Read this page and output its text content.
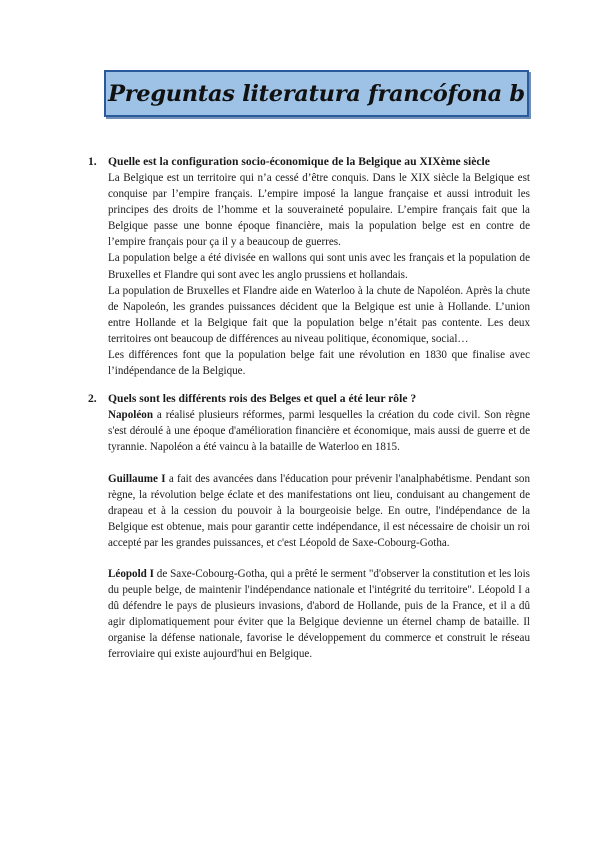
Preguntas literatura francófona b
1. Quelle est la configuration socio-économique de la Belgique au XIXème siècle

La Belgique est un territoire qui n’a cessé d’être conquis. Dans le XIX siècle la Belgique est conquise par l’empire français. L’empire imposé la langue française et aussi introduit les principes des droits de l’homme et la souveraineté populaire. L’empire français fait que la Belgique passe une bonne époque financière, mais la population belge est en contre de l’empire français pour ça il y a beaucoup de guerres.

La population belge a été divisée en wallons qui sont unis avec les français et la population de Bruxelles et Flandre qui sont avec les anglo prussiens et hollandais.

La population de Bruxelles et Flandre aide en Waterloo à la chute de Napoléon. Après la chute de Napoleón, les grandes puissances décident que la Belgique est unie à Hollande. L’union entre Hollande et la Belgique fait que la population belge n’était pas contente. Les deux territoires ont beaucoup de différences au niveau politique, économique, social…

Les différences font que la population belge fait une révolution en 1830 que finalise avec l’indépendance de la Belgique.

2. Quels sont les différents rois des Belges et quel a été leur rôle ?

Napoléon a réalisé plusieurs réformes, parmi lesquelles la création du code civil. Son règne s'est déroulé à une époque d'amélioration financière et économique, mais aussi de guerre et de tyrannie. Napoléon a été vaincu à la bataille de Waterloo en 1815.

Guillaume I a fait des avancées dans l'éducation pour prévenir l'analphabétisme. Pendant son règne, la révolution belge éclate et des manifestations ont lieu, conduisant au changement de drapeau et à la cession du pouvoir à la bourgeoisie belge. En outre, l'indépendance de la Belgique est obtenue, mais pour garantir cette indépendance, il est nécessaire de choisir un roi accepté par les grandes puissances, et c'est Léopold de Saxe-Cobourg-Gotha.

Léopold I de Saxe-Cobourg-Gotha, qui a prêté le serment "d'observer la constitution et les lois du peuple belge, de maintenir l'indépendance nationale et l'intégrité du territoire". Léopold I a dû défendre le pays de plusieurs invasions, d'abord de Hollande, puis de la France, et il a dû agir diplomatiquement pour éviter que la Belgique devienne un éternel champ de bataille. Il organise la défense nationale, favorise le développement du commerce et construit le réseau ferroviaire qui existe aujourd'hui en Belgique.
